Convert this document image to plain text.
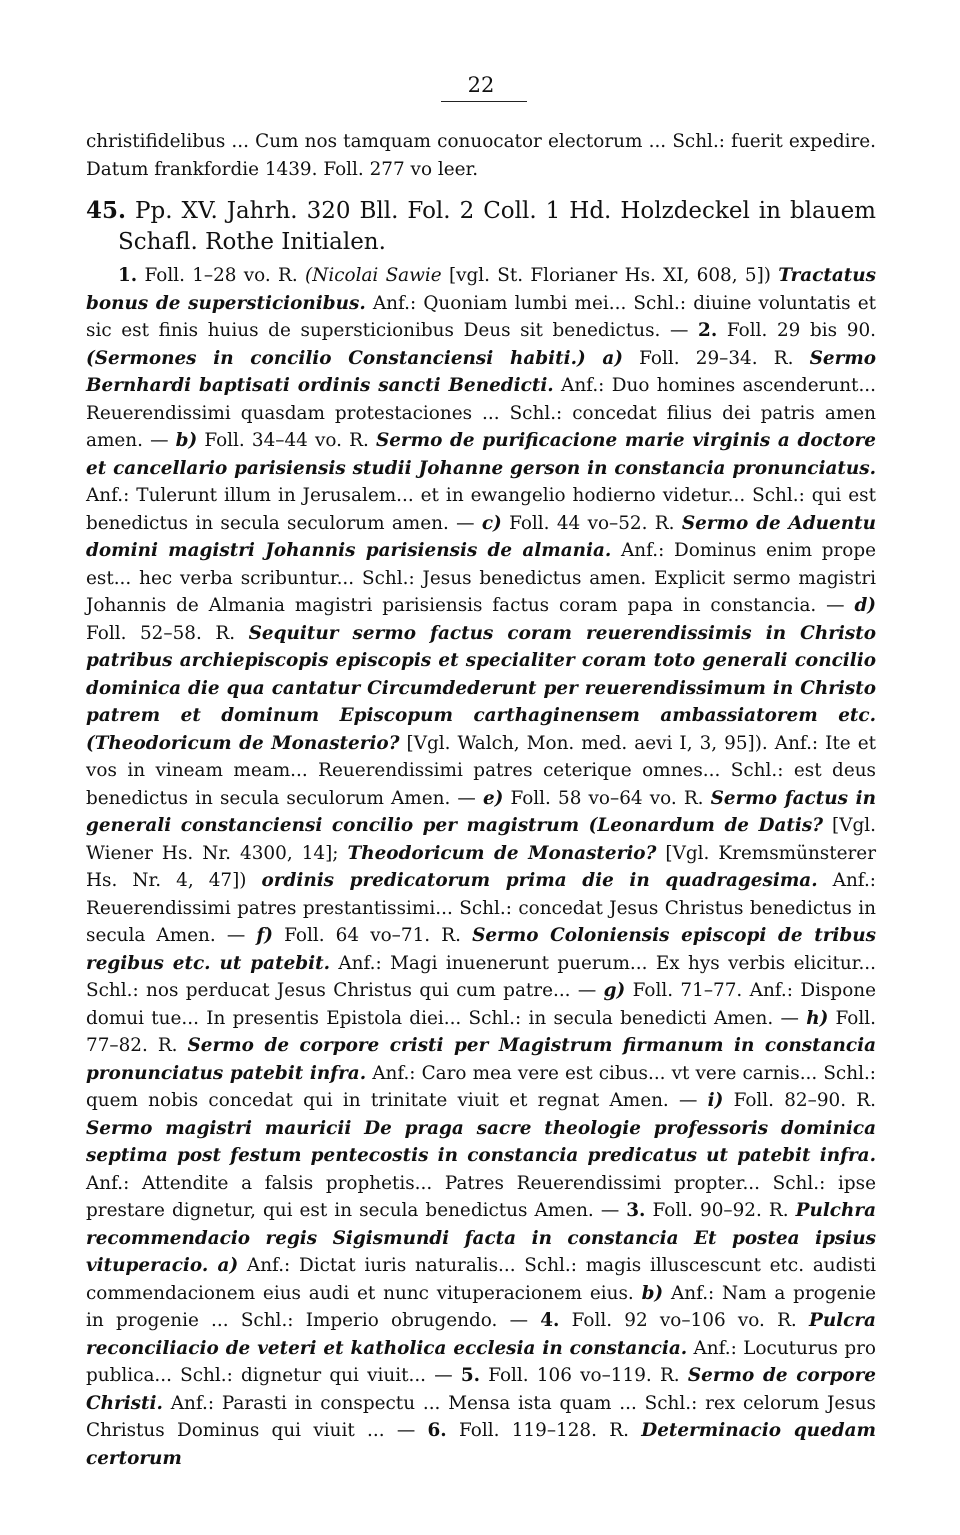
22

christifidelibus ... Cum nos tamquam conuocator electorum ... Schl.: fuerit expedire. Datum frankfordie 1439. Foll. 277 vo leer.

45. Pp. XV. Jahrh. 320 Bll. Fol. 2 Coll. 1 Hd. Holzdeckel in blauem Schafl. Rothe Initialen.

1. Foll. 1–28 vo. R. (Nicolai Sawie [vgl. St. Florianer Hs. XI, 608, 5]) Tractatus bonus de supersticionibus. Anf.: Quoniam lumbi mei... Schl.: diuine voluntatis et sic est finis huius de supersticionibus Deus sit benedictus. — 2. Foll. 29 bis 90. (Sermones in concilio Constanciensi habiti.) a) Foll. 29–34. R. Sermo Bernhardi baptisati ordinis sancti Benedicti. Anf.: Duo homines ascenderunt... Reuerendissimi quasdam protestaciones ... Schl.: concedat filius dei patris amen amen. — b) Foll. 34–44 vo. R. Sermo de purificacione marie virginis a doctore et cancellario parisiensis studii Johanne gerson in constancia pronunciatus. Anf.: Tulerunt illum in Jerusalem... et in ewangelio hodierno videtur... Schl.: qui est benedictus in secula seculorum amen. — c) Foll. 44 vo–52. R. Sermo de Aduentu domini magistri Johannis parisiensis de almania. Anf.: Dominus enim prope est... hec verba scribuntur... Schl.: Jesus benedictus amen. Explicit sermo magistri Johannis de Almania magistri parisiensis factus coram papa in constancia. — d) Foll. 52–58. R. Sequitur sermo factus coram reuerendissimis in Christo patribus archiepiscopis episcopis et specialiter coram toto generali concilio dominica die qua cantatur Circumdederunt per reuerendissimum in Christo patrem et dominum Episcopum carthaginensem ambassiatorem etc. (Theodoricum de Monasterio? [Vgl. Walch, Mon. med. aevi I, 3, 95]). Anf.: Ite et vos in vineam meam... Reuerendissimi patres ceterique omnes... Schl.: est deus benedictus in secula seculorum Amen. — e) Foll. 58 vo–64 vo. R. Sermo factus in generali constanciensi concilio per magistrum (Leonardum de Datis? [Vgl. Wiener Hs. Nr. 4300, 14]; Theodoricum de Monasterio? [Vgl. Kremsmünsterer Hs. Nr. 4, 47]) ordinis predicatorum prima die in quadragesima. Anf.: Reuerendissimi patres prestantissimi... Schl.: concedat Jesus Christus benedictus in secula Amen. — f) Foll. 64 vo–71. R. Sermo Coloniensis episcopi de tribus regibus etc. ut patebit. Anf.: Magi inuenerunt puerum... Ex hys verbis elicitur... Schl.: nos perducat Jesus Christus qui cum patre... — g) Foll. 71–77. Anf.: Dispone domui tue... In presentis Epistola diei... Schl.: in secula benedicti Amen. — h) Foll. 77–82. R. Sermo de corpore cristi per Magistrum firmanum in constancia pronunciatus patebit infra. Anf.: Caro mea vere est cibus... vt vere carnis... Schl.: quem nobis concedat qui in trinitate viuit et regnat Amen. — i) Foll. 82–90. R. Sermo magistri mauricii De praga sacre theologie professoris dominica septima post festum pentecostis in constancia predicatus ut patebit infra. Anf.: Attendite a falsis prophetis... Patres Reuerendissimi propter... Schl.: ipse prestare dignetur, qui est in secula benedictus Amen. — 3. Foll. 90–92. R. Pulchra recommendacio regis Sigismundi facta in constancia Et postea ipsius vituperacio. a) Anf.: Dictat iuris naturalis... Schl.: magis illuscescunt etc. audisti commendacionem eius audi et nunc vituperacionem eius. b) Anf.: Nam a progenie in progenie ... Schl.: Imperio obrugendo. — 4. Foll. 92 vo–106 vo. R. Pulcra reconciliacio de veteri et katholica ecclesia in constancia. Anf.: Locuturus pro publica... Schl.: dignetur qui viuit... — 5. Foll. 106 vo–119. R. Sermo de corpore Christi. Anf.: Parasti in conspectu ... Mensa ista quam ... Schl.: rex celorum Jesus Christus Dominus qui viuit ... — 6. Foll. 119–128. R. Determinacio quedam certorum
